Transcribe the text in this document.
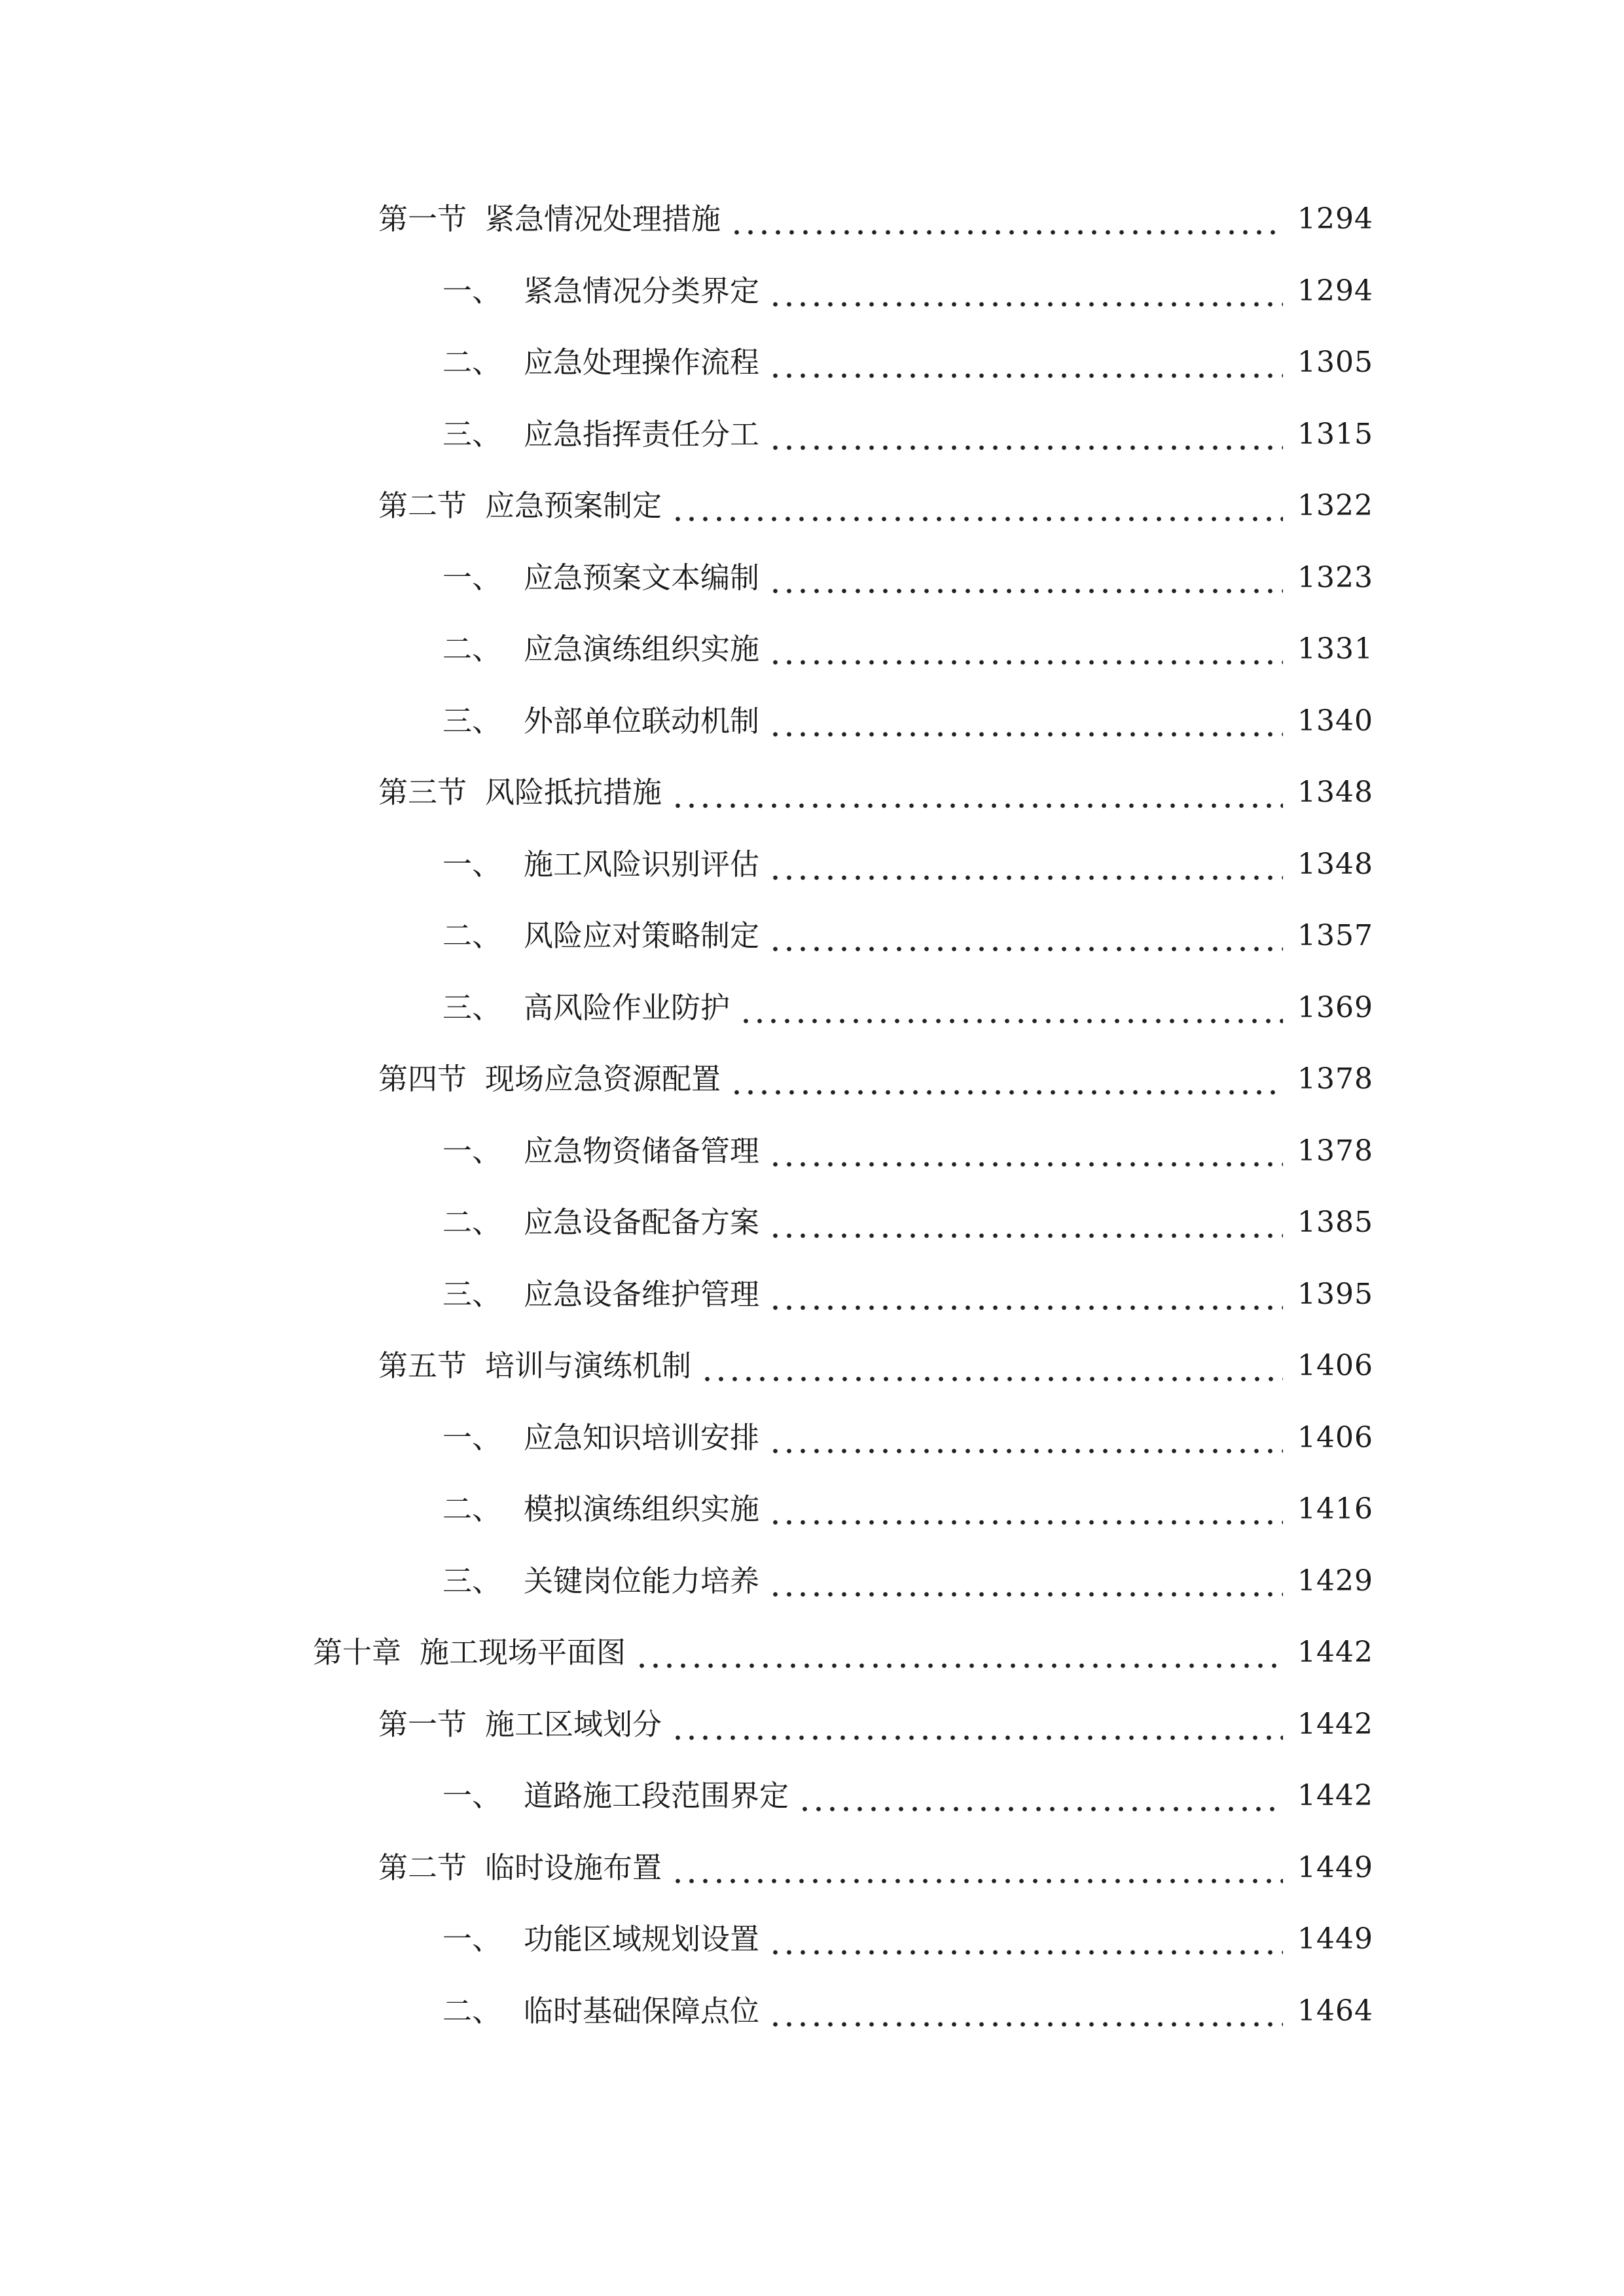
第一节 紧急情况处理措施	1294
一、 紧急情况分类界定	1294
二、 应急处理操作流程	1305
三、 应急指挥责任分工	1315
第二节 应急预案制定	1322
一、 应急预案文本编制	1323
二、 应急演练组织实施	1331
三、 外部单位联动机制	1340
第三节 风险抵抗措施	1348
一、 施工风险识别评估	1348
二、 风险应对策略制定	1357
三、 高风险作业防护	1369
第四节 现场应急资源配置	1378
一、 应急物资储备管理	1378
二、 应急设备配备方案	1385
三、 应急设备维护管理	1395
第五节 培训与演练机制	1406
一、 应急知识培训安排	1406
二、 模拟演练组织实施	1416
三、 关键岗位能力培养	1429
第十章 施工现场平面图	1442
第一节 施工区域划分	1442
一、 道路施工段范围界定	1442
第二节 临时设施布置	1449
一、 功能区域规划设置	1449
二、 临时基础保障点位	1464
